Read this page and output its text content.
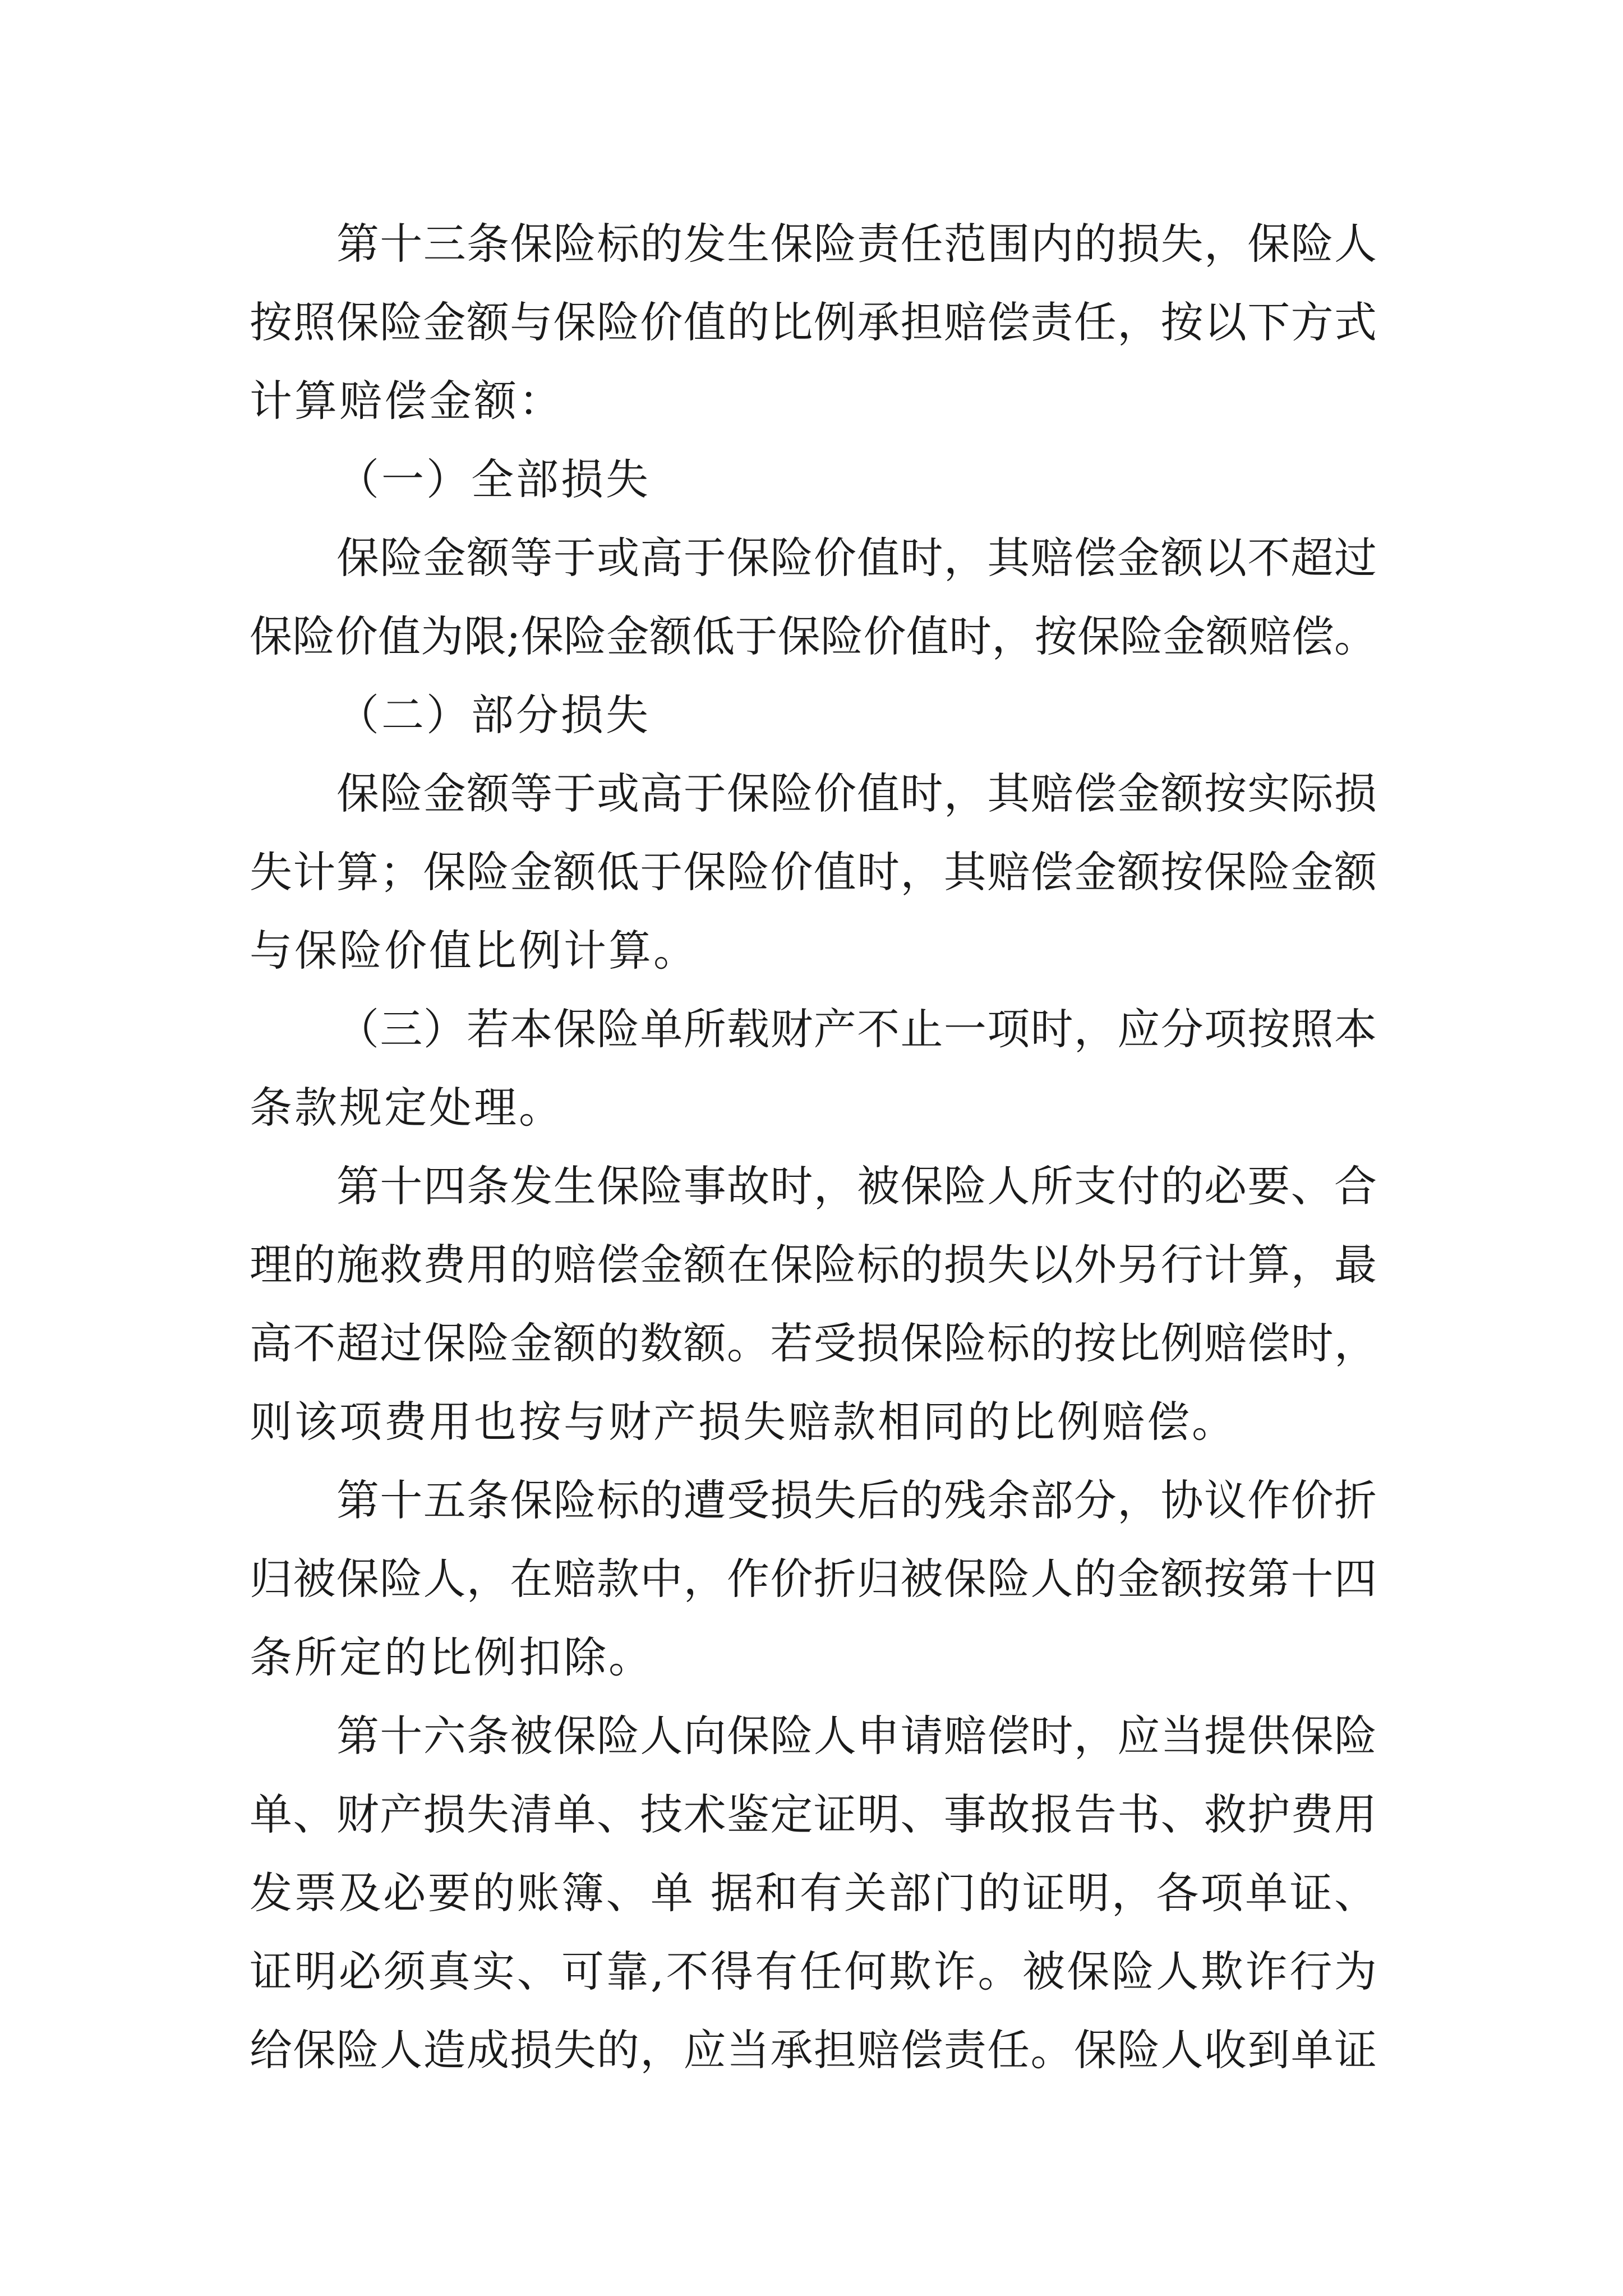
第十三条保险标的发生保险责任范围内的损失，保险人
按照保险金额与保险价值的比例承担赔偿责任，按以下方式
计算赔偿金额：
（一）全部损失
保险金额等于或高于保险价值时，其赔偿金额以不超过
保险价值为限;保险金额低于保险价值时，按保险金额赔偿。
（二）部分损失
保险金额等于或高于保险价值时，其赔偿金额按实际损
失计算；保险金额低于保险价值时，其赔偿金额按保险金额
与保险价值比例计算。
（三）若本保险单所载财产不止一项时，应分项按照本
条款规定处理。
第十四条发生保险事故时，被保险人所支付的必要、合
理的施救费用的赔偿金额在保险标的损失以外另行计算，最
高不超过保险金额的数额。若受损保险标的按比例赔偿时，
则该项费用也按与财产损失赔款相同的比例赔偿。
第十五条保险标的遭受损失后的残余部分，协议作价折
归被保险人，在赔款中，作价折归被保险人的金额按第十四
条所定的比例扣除。
第十六条被保险人向保险人申请赔偿时，应当提供保险
单、财产损失清单、技术鉴定证明、事故报告书、救护费用
发票及必要的账簿、单 据和有关部门的证明，各项单证、
证明必须真实、可靠,不得有任何欺诈。被保险人欺诈行为
给保险人造成损失的，应当承担赔偿责任。保险人收到单证
